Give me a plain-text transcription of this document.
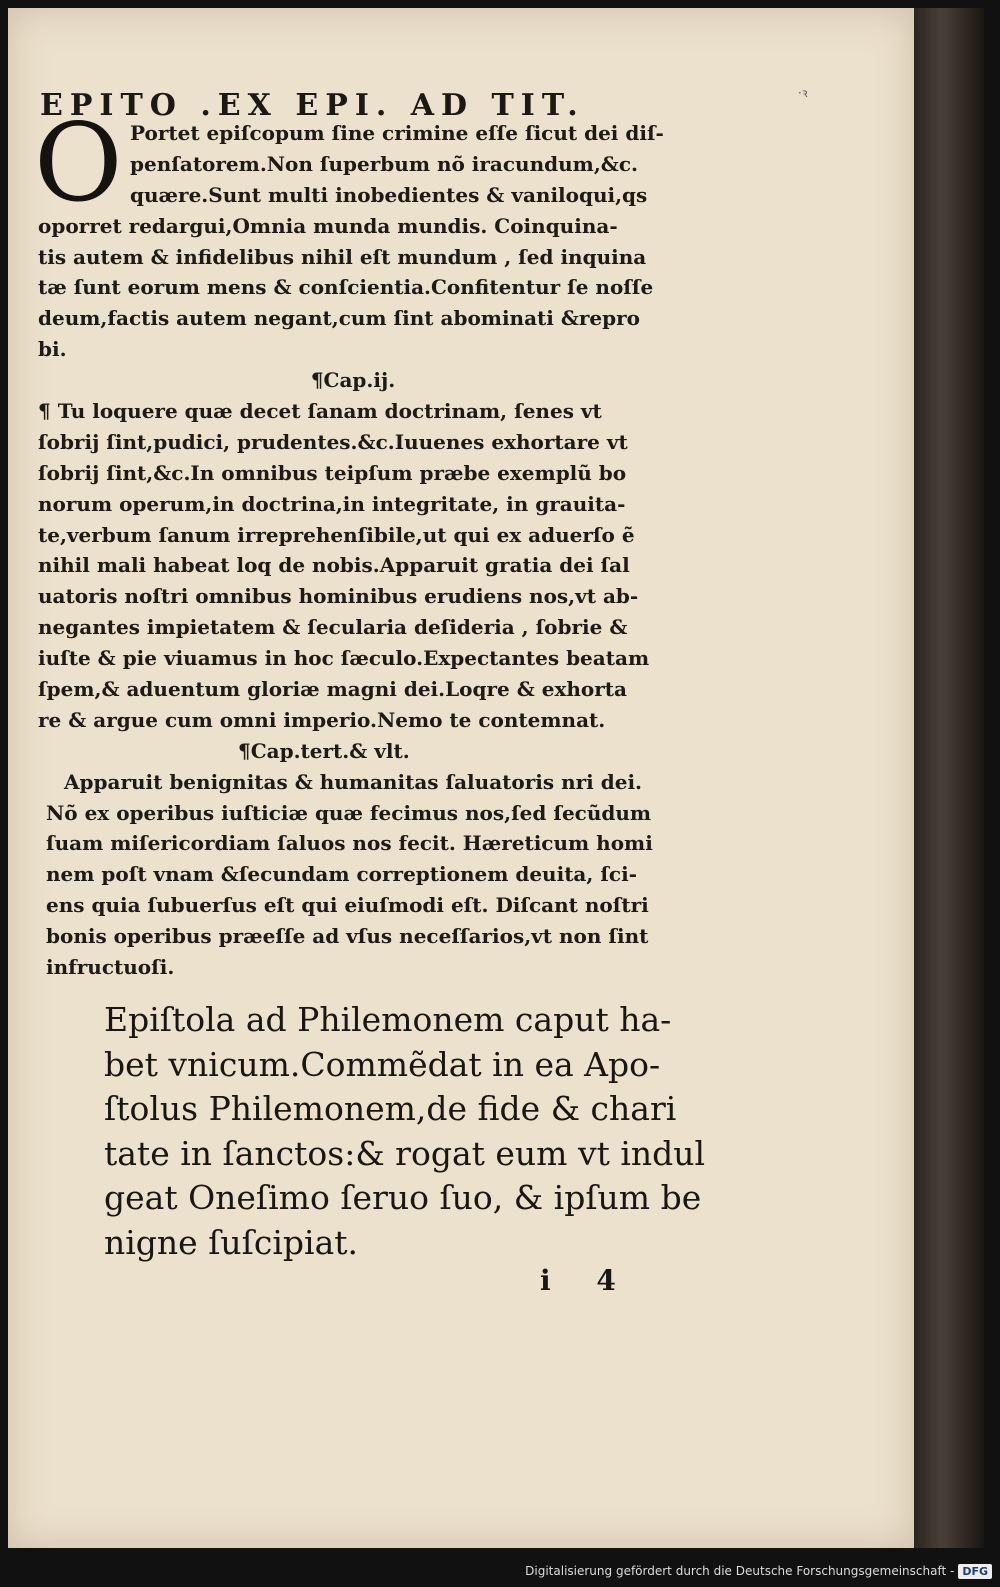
EPITO .EX EPI. AD TIT.	·ꝛ
O Portet epiſcopum ſine crimine eſſe ſicut dei diſ-
penſatorem.Non ſuperbum nõ iracundum,&c.
quære.Sunt multi inobedientes & vaniloqui,qs
oporret redargui,Omnia munda mundis. Coinquina-
tis autem & infidelibus nihil eſt mundum , ſed inquina
tæ ſunt eorum mens & conſcientia.Confitentur ſe noſſe
deum,factis autem negant,cum ſint abominati &repro
bi.
¶Cap.ij.
¶ Tu loquere quæ decet ſanam doctrinam, ſenes vt
ſobrij ſint,pudici, prudentes.&c.Iuuenes exhortare vt
ſobrij ſint,&c.In omnibus teipſum præbe exemplũ bo
norum operum,in doctrina,in integritate, in grauita-
te,verbum ſanum irreprehenſibile,ut qui ex aduerſo ẽ
nihil mali habeat loq de nobis.Apparuit gratia dei ſal
uatoris noſtri omnibus hominibus erudiens nos,vt ab-
negantes impietatem & ſecularia deſideria , ſobrie &
iuſte & pie viuamus in hoc ſæculo.Expectantes beatam
ſpem,& aduentum gloriæ magni dei.Loqre & exhorta
re & argue cum omni imperio.Nemo te contemnat.
¶Cap.tert.& vlt.
Apparuit benignitas & humanitas ſaluatoris nri dei.
Nõ ex operibus iuſticiæ quæ fecimus nos,ſed ſecũdum
ſuam miſericordiam ſaluos nos fecit. Hæreticum homi
nem poſt vnam &ſecundam correptionem deuita, ſci-
ens quia ſubuerſus eſt qui eiuſmodi eſt. Diſcant noſtri
bonis operibus præeſſe ad vſus neceſſarios,vt non ſint
infructuoſi.
Epiſtola ad Philemonem caput ha-
bet vnicum.Commẽdat in ea Apo-
ſtolus Philemonem,de fide & chari
tate in ſanctos:& rogat eum vt indul
geat Oneſimo ſeruo ſuo, & ipſum be
nigne ſuſcipiat.
i 4
Digitalisierung gefördert durch die Deutsche Forschungsgemeinschaft - DFG
